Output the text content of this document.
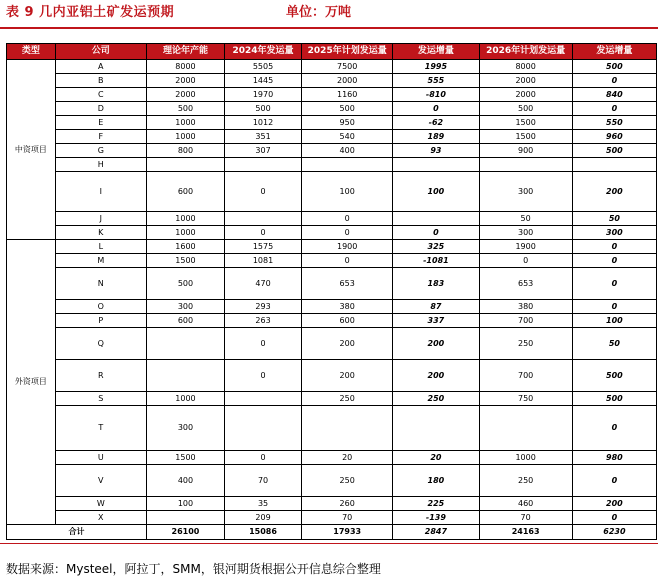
表 9 几内亚铝土矿发运预期	单位：万吨
类型	公司	理论年产能	2024年发运量	2025年计划发运量	发运增量	2026年计划发运量	发运增量
中资项目	A	8000	5505	7500	1995	8000	500
	B	2000	1445	2000	555	2000	0
	C	2000	1970	1160	-810	2000	840
	D	500	500	500	0	500	0
	E	1000	1012	950	-62	1500	550
	F	1000	351	540	189	1500	960
	G	800	307	400	93	900	500
	H						
	I	600	0	100	100	300	200
	J	1000		0		50	50
	K	1000	0	0	0	300	300
外资项目	L	1600	1575	1900	325	1900	0
	M	1500	1081	0	-1081	0	0
	N	500	470	653	183	653	0
	O	300	293	380	87	380	0
	P	600	263	600	337	700	100
	Q		0	200	200	250	50
	R		0	200	200	700	500
	S	1000		250	250	750	500
	T	300					0
	U	1500	0	20	20	1000	980
	V	400	70	250	180	250	0
	W	100	35	260	225	460	200
	X		209	70	-139	70	0
合计		26100	15086	17933	2847	24163	6230
数据来源：Mysteel，阿拉丁，SMM，银河期货根据公开信息综合整理
